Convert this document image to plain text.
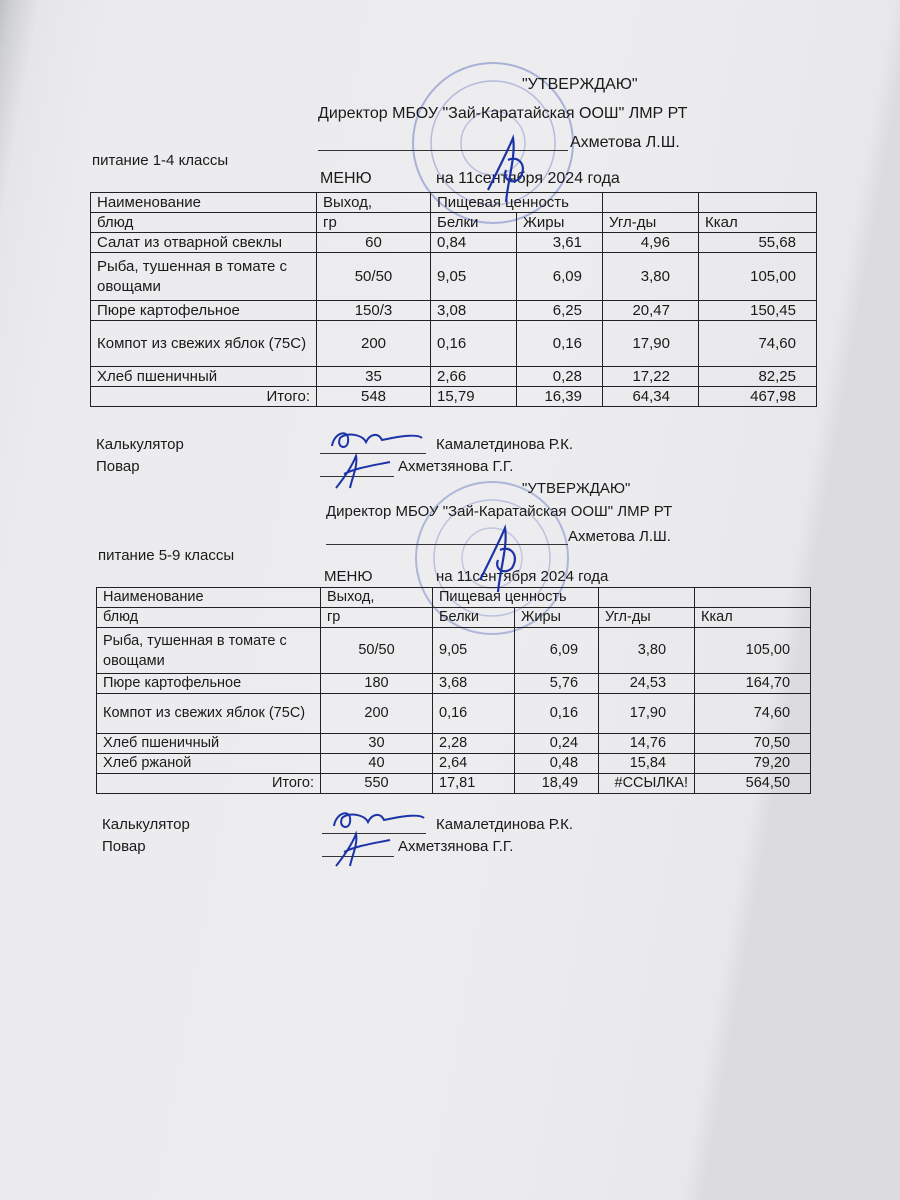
"УТВЕРЖДАЮ"
Директор МБОУ "Зай-Каратайская ООШ" ЛМР РТ
Ахметова Л.Ш.
питание 1-4 классы
МЕНЮ	на 11сентября 2024 года
Наименование	Выход,	Пищевая ценность			
блюд	гр	Белки	Жиры	Угл-ды	Ккал
Салат из отварной свеклы	60	0,84	3,61	4,96	55,68
Рыба, тушенная в томате с овощами	50/50	9,05	6,09	3,80	105,00
Пюре картофельное	150/3	3,08	6,25	20,47	150,45
Компот из свежих яблок (75С)	200	0,16	0,16	17,90	74,60
Хлеб пшеничный	35	2,66	0,28	17,22	82,25
Итого:	548	15,79	16,39	64,34	467,98
Калькулятор	Камалетдинова Р.К.
Повар	Ахметзянова Г.Г.
"УТВЕРЖДАЮ"
Директор МБОУ "Зай-Каратайская ООШ" ЛМР РТ
Ахметова Л.Ш.
питание 5-9 классы
МЕНЮ	на 11сентября 2024 года
Наименование	Выход,	Пищевая ценность			
блюд	гр	Белки	Жиры	Угл-ды	Ккал
Рыба, тушенная в томате с овощами	50/50	9,05	6,09	3,80	105,00
Пюре картофельное	180	3,68	5,76	24,53	164,70
Компот из свежих яблок (75С)	200	0,16	0,16	17,90	74,60
Хлеб пшеничный	30	2,28	0,24	14,76	70,50
Хлеб ржаной	40	2,64	0,48	15,84	79,20
Итого:	550	17,81	18,49	#ССЫЛКА!	564,50
Калькулятор	Камалетдинова Р.К.
Повар	Ахметзянова Г.Г.
